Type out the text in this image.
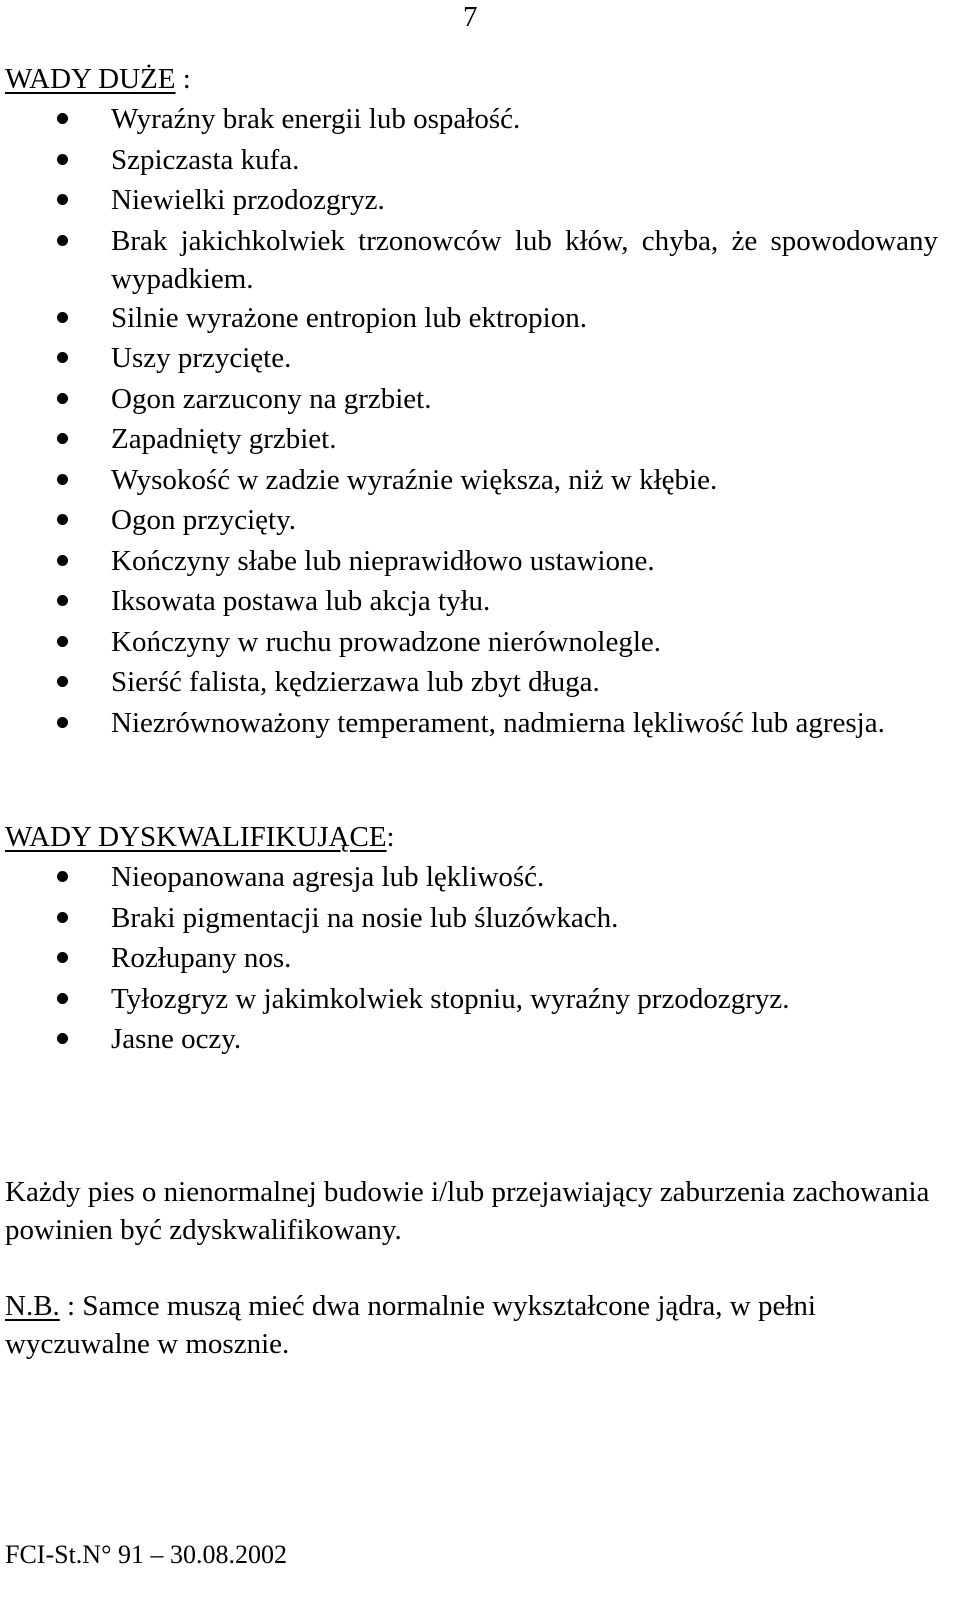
7
WADY DUŻE :
Wyraźny brak energii lub ospałość.
Szpiczasta kufa.
Niewielki przodozgryz.
Brak jakichkolwiek trzonowców lub kłów, chyba, że spowodowany wypadkiem.
Silnie wyrażone entropion lub ektropion.
Uszy przycięte.
Ogon zarzucony na grzbiet.
Zapadnięty grzbiet.
Wysokość w zadzie wyraźnie większa, niż w kłębie.
Ogon przycięty.
Kończyny słabe lub nieprawidłowo ustawione.
Iksowata postawa lub akcja tyłu.
Kończyny w ruchu prowadzone nierównolegle.
Sierść falista, kędzierzawa lub zbyt długa.
Niezrównoważony temperament, nadmierna lękliwość lub agresja.
WADY DYSKWALIFIKUJĄCE:
Nieopanowana agresja lub lękliwość.
Braki pigmentacji na nosie lub śluzówkach.
Rozłupany nos.
Tyłozgryz w jakimkolwiek stopniu, wyraźny przodozgryz.
Jasne oczy.
Każdy pies o nienormalnej budowie i/lub przejawiający zaburzenia zachowania powinien być zdyskwalifikowany.
N.B. : Samce muszą mieć dwa normalnie wykształcone jądra, w pełni wyczuwalne w mosznie.
FCI-St.N° 91 – 30.08.2002
